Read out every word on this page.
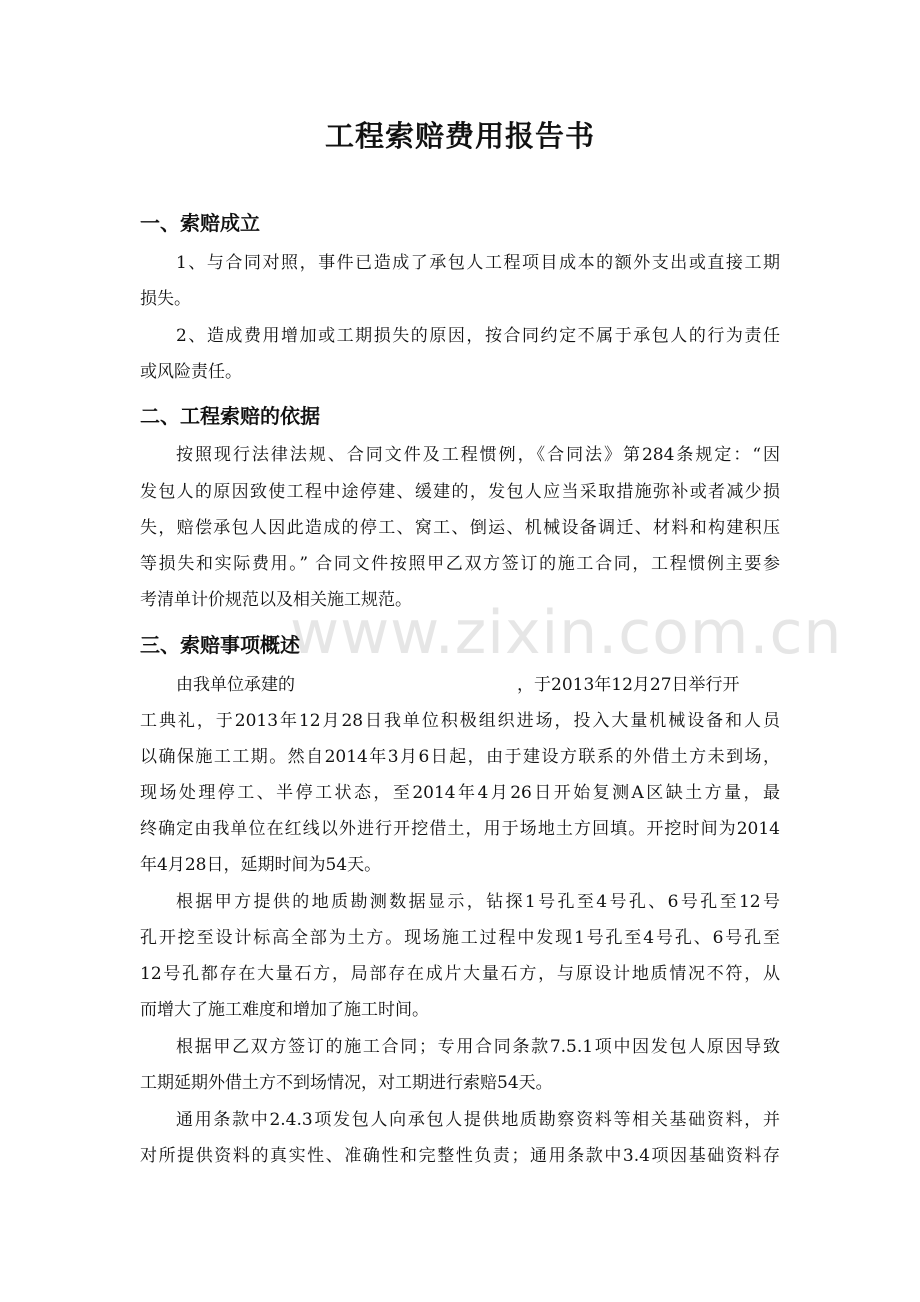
www.zixin.com.cn
工程索赔费用报告书
一、索赔成立
1、与合同对照，事件已造成了承包人工程项目成本的额外支出或直接工期
损失。
2、造成费用增加或工期损失的原因，按合同约定不属于承包人的行为责任
或风险责任。
二、工程索赔的依据
按照现行法律法规、合同文件及工程惯例，《合同法》第284条规定：“因
发包人的原因致使工程中途停建、缓建的，发包人应当采取措施弥补或者减少损
失，赔偿承包人因此造成的停工、窝工、倒运、机械设备调迁、材料和构建积压
等损失和实际费用。” 合同文件按照甲乙双方签订的施工合同，工程惯例主要参
考清单计价规范以及相关施工规范。
三、索赔事项概述
由我单位承建的	，于2013年12月27日举行开
工典礼，于2013年12月28日我单位积极组织进场，投入大量机械设备和人员
以确保施工工期。然自2014年3月6日起，由于建设方联系的外借土方未到场，
现场处理停工、半停工状态，至2014年4月26日开始复测A区缺土方量，最
终确定由我单位在红线以外进行开挖借土，用于场地土方回填。开挖时间为2014
年4月28日，延期时间为54天。
根据甲方提供的地质勘测数据显示，钻探1号孔至4号孔、6号孔至12号
孔开挖至设计标高全部为土方。现场施工过程中发现1号孔至4号孔、6号孔至
12号孔都存在大量石方，局部存在成片大量石方，与原设计地质情况不符，从
而增大了施工难度和增加了施工时间。
根据甲乙双方签订的施工合同；专用合同条款7.5.1项中因发包人原因导致
工期延期外借土方不到场情况，对工期进行索赔54天。
通用条款中2.4.3项发包人向承包人提供地质勘察资料等相关基础资料，并
对所提供资料的真实性、准确性和完整性负责；通用条款中3.4项因基础资料存
